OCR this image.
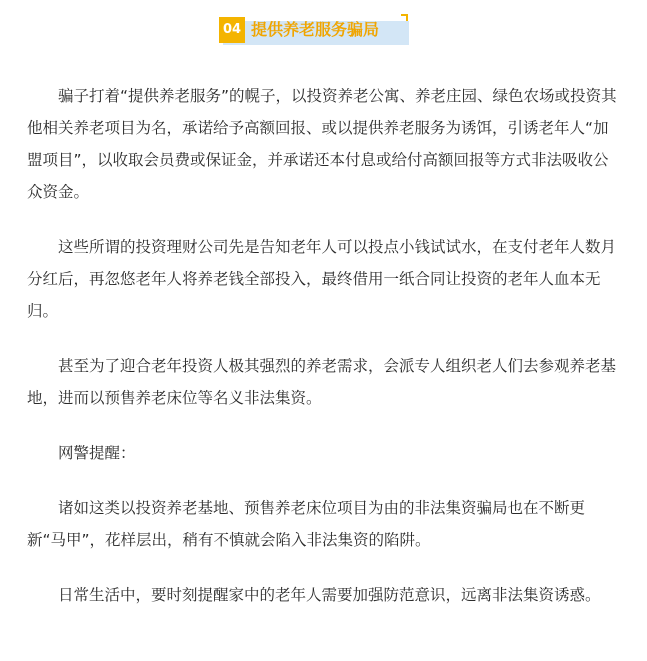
04 提供养老服务骗局

骗子打着“提供养老服务”的幌子，以投资养老公寓、养老庄园、绿色农场或投资其他相关养老项目为名，承诺给予高额回报、或以提供养老服务为诱饵，引诱老年人“加盟项目”，以收取会员费或保证金，并承诺还本付息或给付高额回报等方式非法吸收公众资金。

这些所谓的投资理财公司先是告知老年人可以投点小钱试试水，在支付老年人数月分红后，再忽悠老年人将养老钱全部投入，最终借用一纸合同让投资的老年人血本无归。

甚至为了迎合老年投资人极其强烈的养老需求，会派专人组织老人们去参观养老基地，进而以预售养老床位等名义非法集资。

网警提醒：

诸如这类以投资养老基地、预售养老床位项目为由的非法集资骗局也在不断更新“马甲”，花样层出，稍有不慎就会陷入非法集资的陷阱。

日常生活中，要时刻提醒家中的老年人需要加强防范意识，远离非法集资诱惑。
